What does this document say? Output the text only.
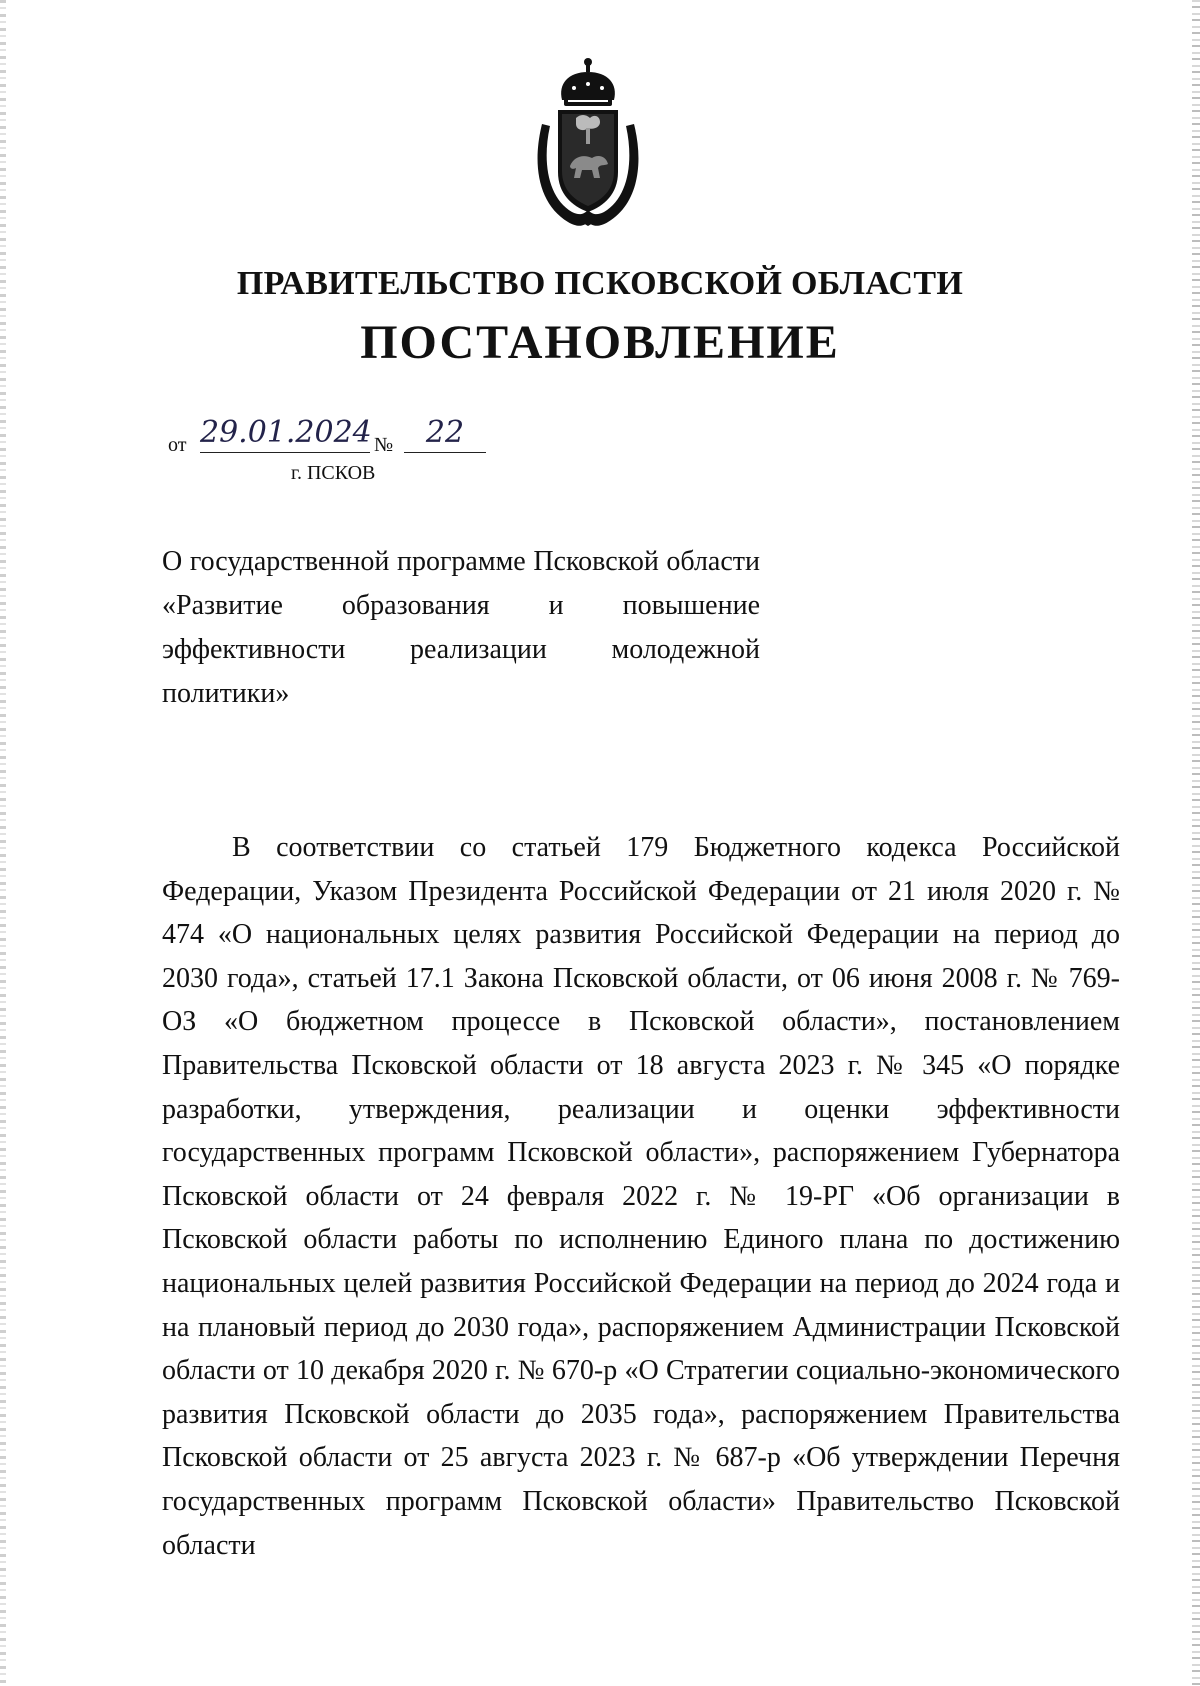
ПРАВИТЕЛЬСТВО ПСКОВСКОЙ ОБЛАСТИ
ПОСТАНОВЛЕНИЕ
от 29.01.2024 №	22
г. ПСКОВ

О государственной программе Псковской области «Развитие образования и повышение эффективности реализации молодежной политики»

В соответствии со статьей 179 Бюджетного кодекса Российской Федерации, Указом Президента Российской Федерации от 21 июля 2020 г. № 474 «О национальных целях развития Российской Федерации на период до 2030 года», статьей 17.1 Закона Псковской области, от 06 июня 2008 г. № 769-ОЗ «О бюджетном процессе в Псковской области», постановлением Правительства Псковской области от 18 августа 2023 г. № 345 «О порядке разработки, утверждения, реализации и оценки эффективности государственных программ Псковской области», распоряжением Губернатора Псковской области от 24 февраля 2022 г. № 19-РГ «Об организации в Псковской области работы по исполнению Единого плана по достижению национальных целей развития Российской Федерации на период до 2024 года и на плановый период до 2030 года», распоряжением Администрации Псковской области от 10 декабря 2020 г. № 670-р «О Стратегии социально-экономического развития Псковской области до 2035 года», распоряжением Правительства Псковской области от 25 августа 2023 г. № 687-р «Об утверждении Перечня государственных программ Псковской области» Правительство Псковской области
